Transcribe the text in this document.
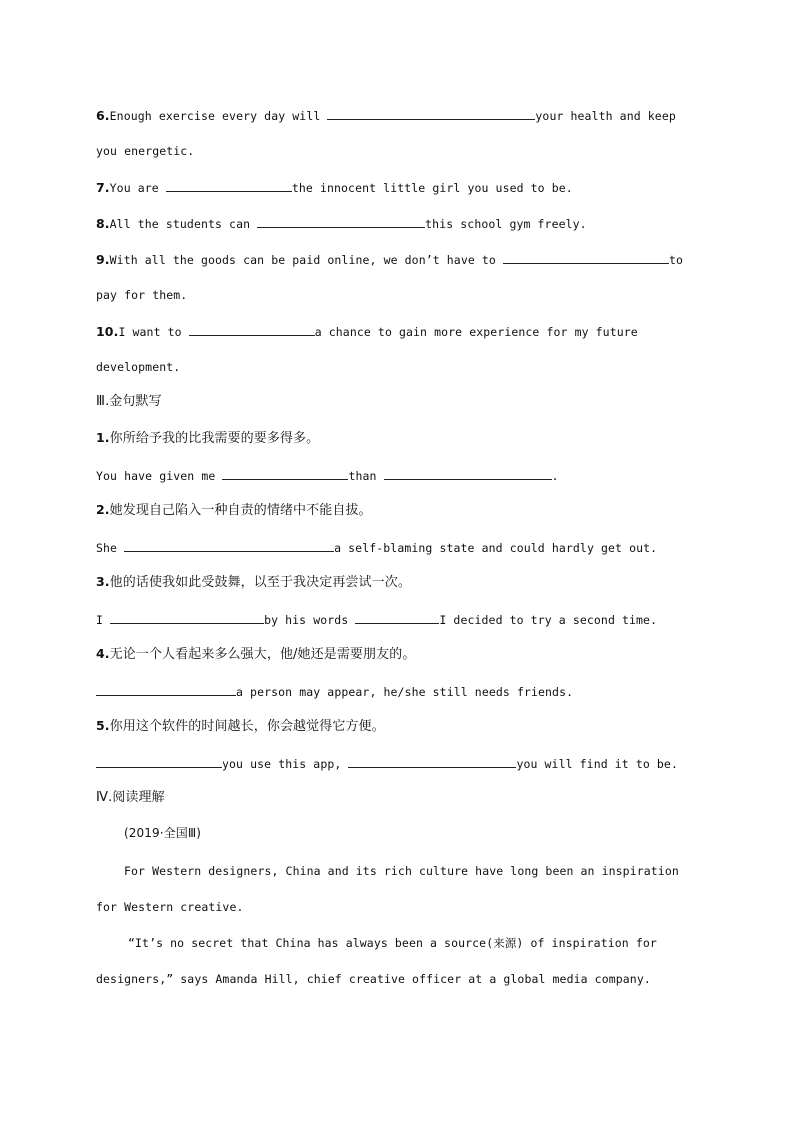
6.Enough exercise every day will	your health and keep
you energetic.
7.You are	the innocent little girl you used to be.
8.All the students can	this school gym freely.
9.With all the goods can be paid online, we don’t have to	to
pay for them.
10.I want to	a chance to gain more experience for my future
development.
Ⅲ.金句默写
1.你所给予我的比我需要的要多得多。
You have given me	than	.
2.她发现自己陷入一种自责的情绪中不能自拔。
She	a self-blaming state and could hardly get out.
3.他的话使我如此受鼓舞，以至于我决定再尝试一次。
I	by his words	I decided to try a second time.
4.无论一个人看起来多么强大，他/她还是需要朋友的。
a person may appear, he/she still needs friends.
5.你用这个软件的时间越长，你会越觉得它方便。
you use this app,	you will find it to be.
Ⅳ.阅读理解
(2019·全国Ⅲ)
For Western designers, China and its rich culture have long been an inspiration
for Western creative.
“It’s no secret that China has always been a source(来源) of inspiration for
designers,” says Amanda Hill, chief creative officer at a global media company.
